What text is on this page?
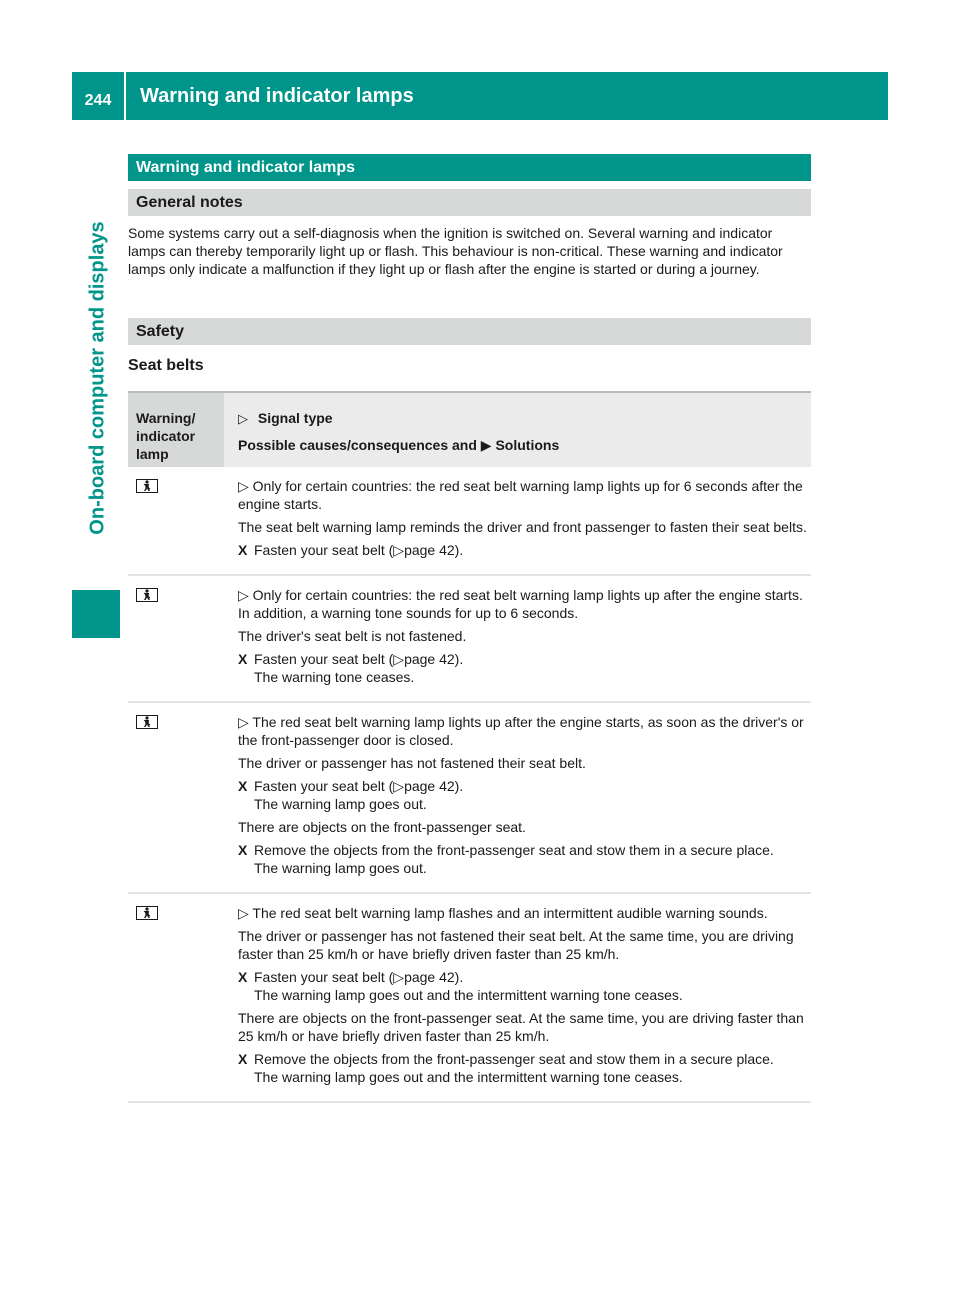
244	Warning and indicator lamps
On-board computer and displays
Warning and indicator lamps
General notes

Some systems carry out a self-diagnosis when the ignition is switched on. Several warning and indicator lamps can thereby temporarily light up or flash. This behaviour is non-critical. These warning and indicator lamps only indicate a malfunction if they light up or flash after the engine is started or during a journey.

Safety
Seat belts
Warning/ indicator lamp
▷ Signal type
Possible causes/consequences and ▶ Solutions

▷ Only for certain countries: the red seat belt warning lamp lights up for 6 seconds after the engine starts.

The seat belt warning lamp reminds the driver and front passenger to fasten their seat belts.

X Fasten your seat belt (▷page 42).

▷ Only for certain countries: the red seat belt warning lamp lights up after the engine starts. In addition, a warning tone sounds for up to 6 seconds.

The driver's seat belt is not fastened.

X Fasten your seat belt (▷page 42).
The warning tone ceases.

▷ The red seat belt warning lamp lights up after the engine starts, as soon as the driver's or the front-passenger door is closed.

The driver or passenger has not fastened their seat belt.

X Fasten your seat belt (▷page 42).
The warning lamp goes out.

There are objects on the front-passenger seat.

X Remove the objects from the front-passenger seat and stow them in a secure place.
The warning lamp goes out.

▷ The red seat belt warning lamp flashes and an intermittent audible warning sounds.

The driver or passenger has not fastened their seat belt. At the same time, you are driving faster than 25 km/h or have briefly driven faster than 25 km/h.

X Fasten your seat belt (▷page 42).
The warning lamp goes out and the intermittent warning tone ceases.

There are objects on the front-passenger seat. At the same time, you are driving faster than 25 km/h or have briefly driven faster than 25 km/h.

X Remove the objects from the front-passenger seat and stow them in a secure place.
The warning lamp goes out and the intermittent warning tone ceases.
